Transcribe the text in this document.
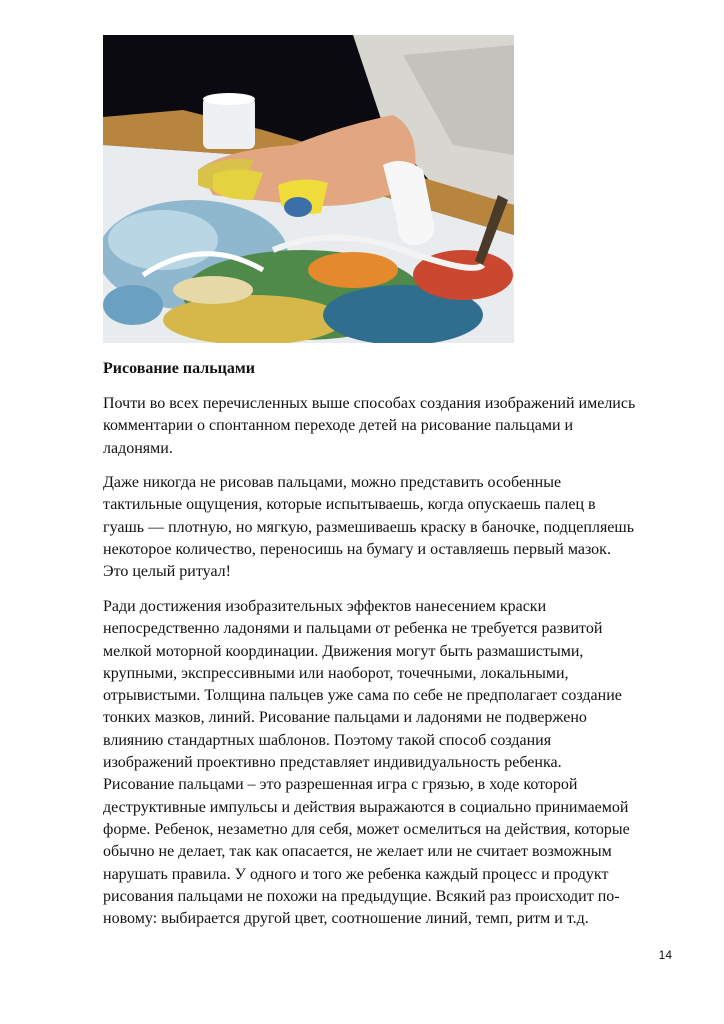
Рисование пальцами

Почти во всех перечисленных выше способах создания изображений имелись
комментарии о спонтанном переходе детей на рисование пальцами и
ладонями.

Даже никогда не рисовав пальцами, можно представить особенные
тактильные ощущения, которые испытываешь, когда опускаешь палец в
гуашь — плотную, но мягкую, размешиваешь краску в баночке, подцепляешь
некоторое количество, переносишь на бумагу и оставляешь первый мазок.
Это целый ритуал!

Ради достижения изобразительных эффектов нанесением краски
непосредственно ладонями и пальцами от ребенка не требуется развитой
мелкой моторной координации. Движения могут быть размашистыми,
крупными, экспрессивными или наоборот, точечными, локальными,
отрывистыми. Толщина пальцев уже сама по себе не предполагает создание
тонких мазков, линий. Рисование пальцами и ладонями не подвержено
влиянию стандартных шаблонов. Поэтому такой способ создания
изображений проективно представляет индивидуальность ребенка.
Рисование пальцами – это разрешенная игра с грязью, в ходе которой
деструктивные импульсы и действия выражаются в социально принимаемой
форме. Ребенок, незаметно для себя, может осмелиться на действия, которые
обычно не делает, так как опасается, не желает или не считает возможным
нарушать правила. У одного и того же ребенка каждый процесс и продукт
рисования пальцами не похожи на предыдущие. Всякий раз происходит по-
новому: выбирается другой цвет, соотношение линий, темп, ритм и т.д.

14
